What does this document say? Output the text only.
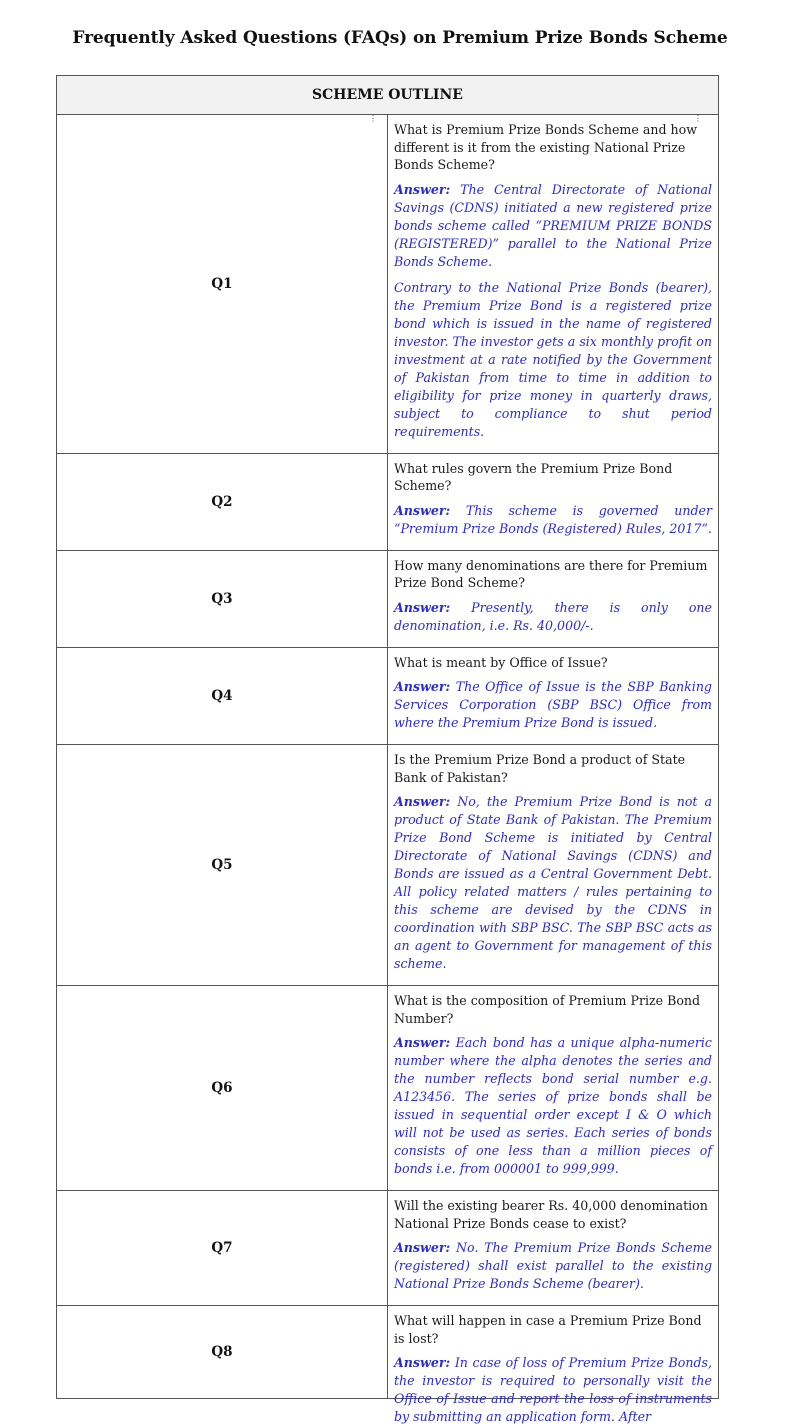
Frequently Asked Questions (FAQs) on Premium Prize Bonds Scheme
SCHEME OUTLINE	
Q1	⋮ ⋮

What is Premium Prize Bonds Scheme and how different is it from the existing National Prize Bonds Scheme?

Answer: The Central Directorate of National Savings (CDNS) initiated a new registered prize bonds scheme called “PREMIUM PRIZE BONDS (REGISTERED)” parallel to the National Prize Bonds Scheme.

Contrary to the National Prize Bonds (bearer), the Premium Prize Bond is a registered prize bond which is issued in the name of registered investor. The investor gets a six monthly profit on investment at a rate notified by the Government of Pakistan from time to time in addition to eligibility for prize money in quarterly draws, subject to compliance to shut period requirements.

Q2	What rules govern the Premium Prize Bond Scheme?

Answer: This scheme is governed under “Premium Prize Bonds (Registered) Rules, 2017”.

Q3	How many denominations are there for Premium Prize Bond Scheme?

Answer: Presently, there is only one denomination, i.e. Rs. 40,000/-.

Q4	What is meant by Office of Issue?

Answer: The Office of Issue is the SBP Banking Services Corporation (SBP BSC) Office from where the Premium Prize Bond is issued.

Q5	Is the Premium Prize Bond a product of State Bank of Pakistan?

Answer: No, the Premium Prize Bond is not a product of State Bank of Pakistan. The Premium Prize Bond Scheme is initiated by Central Directorate of National Savings (CDNS) and Bonds are issued as a Central Government Debt. All policy related matters / rules pertaining to this scheme are devised by the CDNS in coordination with SBP BSC. The SBP BSC acts as an agent to Government for management of this scheme.

Q6	What is the composition of Premium Prize Bond Number?

Answer: Each bond has a unique alpha-numeric number where the alpha denotes the series and the number reflects bond serial number e.g. A123456. The series of prize bonds shall be issued in sequential order except I & O which will not be used as series. Each series of bonds consists of one less than a million pieces of bonds i.e. from 000001 to 999,999.

Q7	Will the existing bearer Rs. 40,000 denomination National Prize Bonds cease to exist?

Answer: No. The Premium Prize Bonds Scheme (registered) shall exist parallel to the existing National Prize Bonds Scheme (bearer).

Q8	What will happen in case a Premium Prize Bond is lost?

Answer: In case of loss of Premium Prize Bonds, the investor is required to personally visit the Office of Issue and report the loss of instruments by submitting an application form. After
